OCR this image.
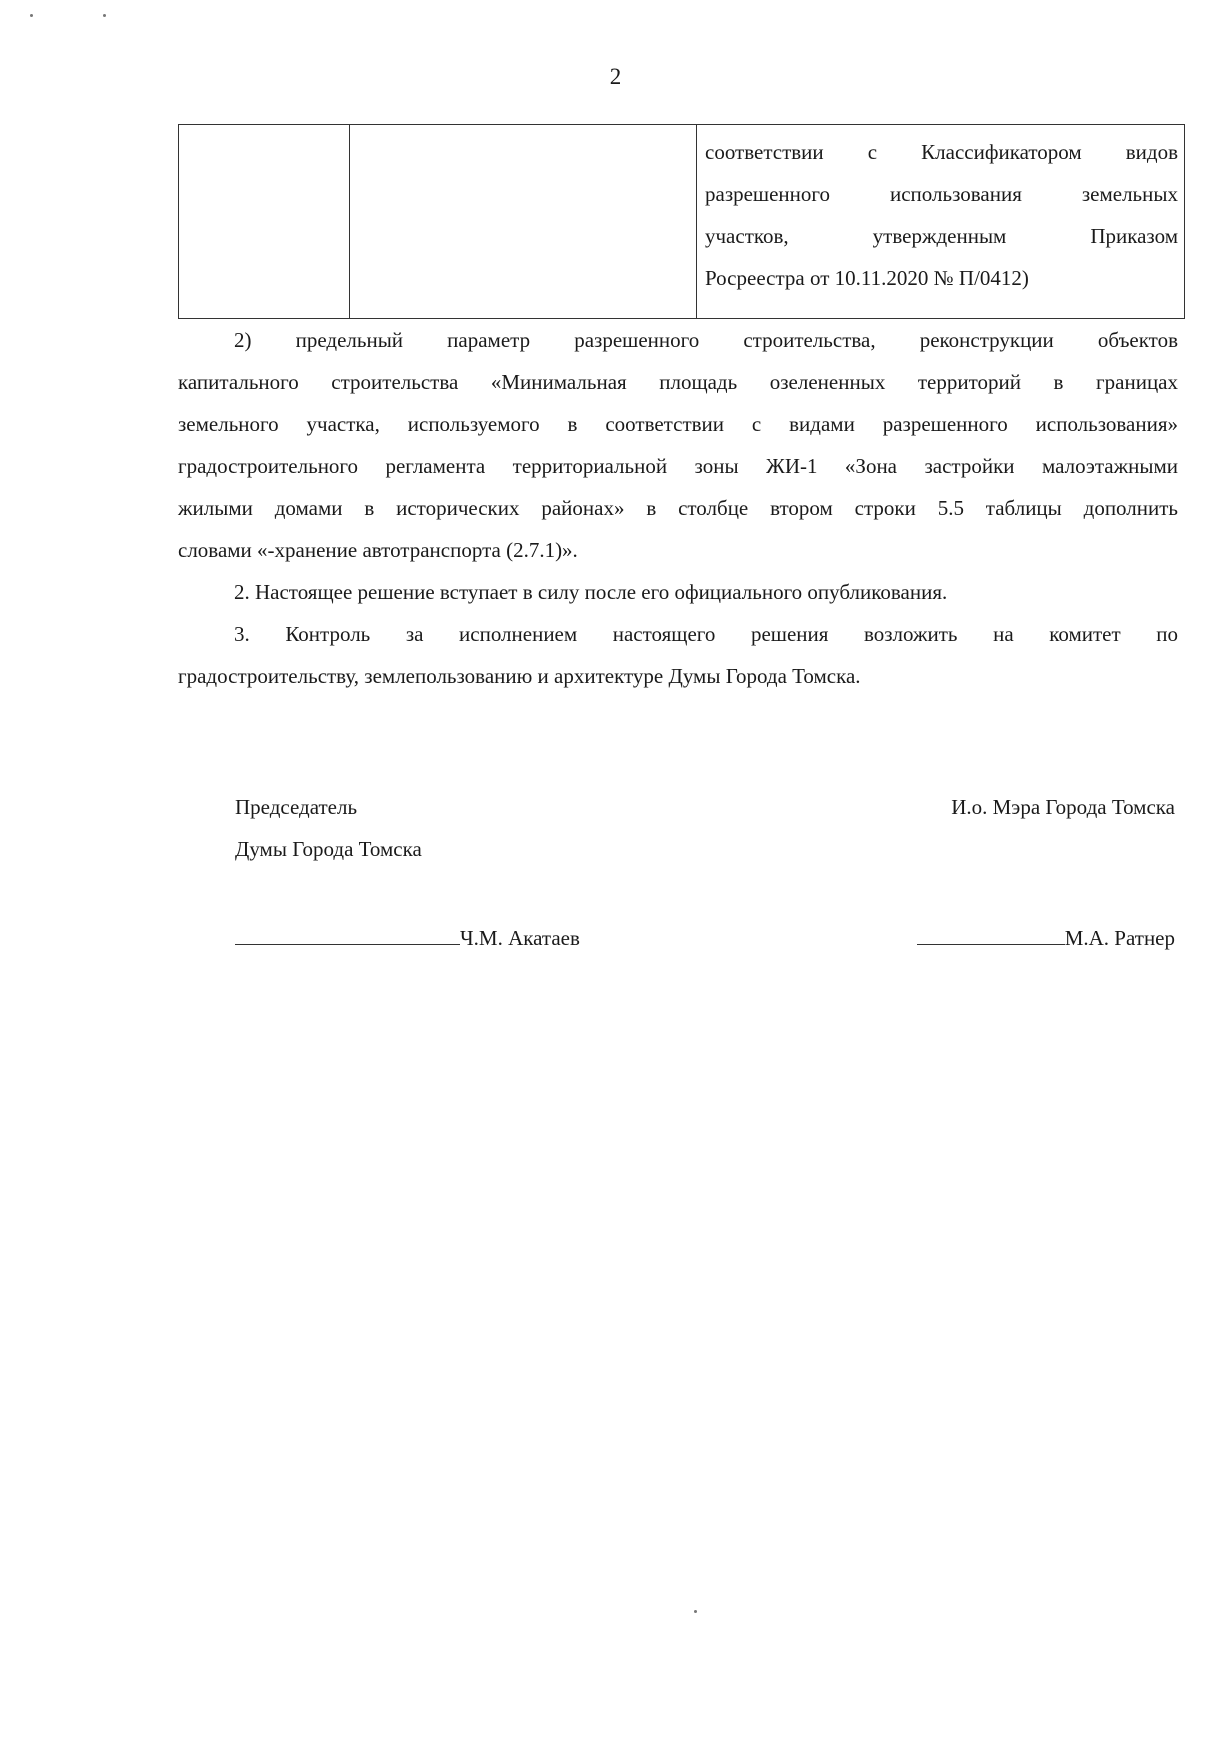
2

соответствии с Классификатором видов
разрешенного использования земельных
участков, утвержденным Приказом
Росреестра от 10.11.2020 № П/0412)
2) предельный параметр разрешенного строительства, реконструкции объектов
капитального строительства «Минимальная площадь озелененных территорий в границах
земельного участка, используемого в соответствии с видами разрешенного использования»
градостроительного регламента территориальной зоны ЖИ-1 «Зона застройки малоэтажными
жилыми домами в исторических районах» в столбце втором строки 5.5 таблицы дополнить
словами «-хранение автотранспорта (2.7.1)».
2. Настоящее решение вступает в силу после его официального опубликования.
3. Контроль за исполнением настоящего решения возложить на комитет по
градостроительству, землепользованию и архитектуре Думы Города Томска.
Председатель
Думы Города Томска
И.о. Мэра Города Томска
Ч.М. Акатаев	М.А. Ратнер
